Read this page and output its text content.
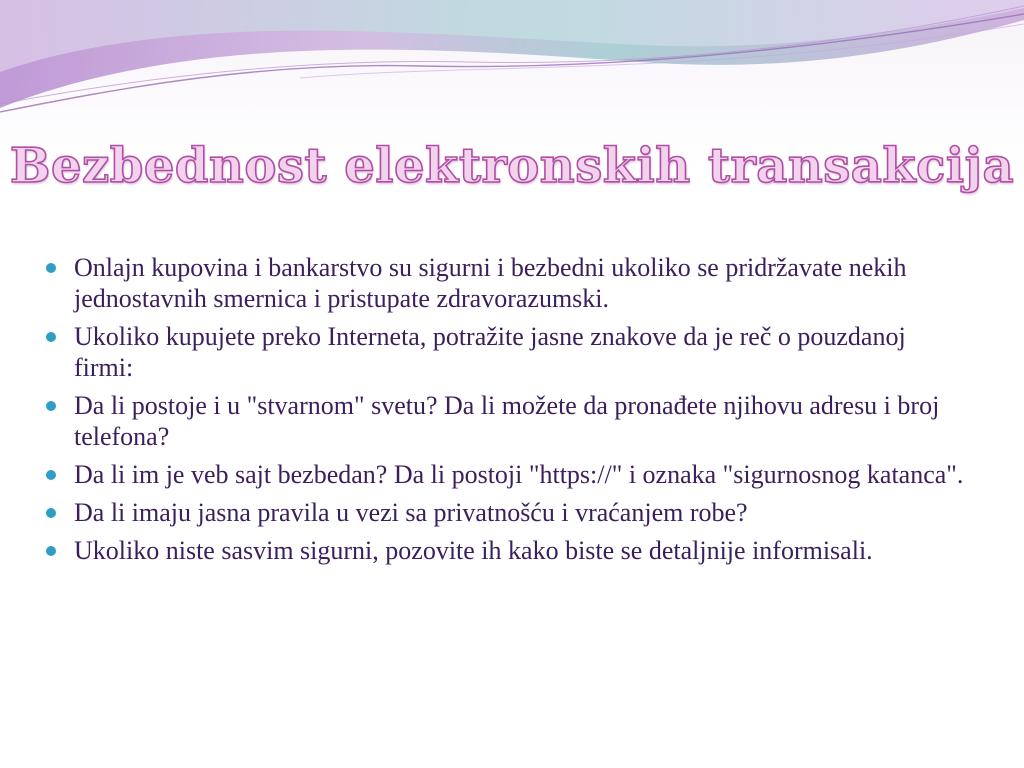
Bezbednost elektronskih transakcija
Onlajn kupovina i bankarstvo su sigurni i bezbedni ukoliko se pridržavate nekih jednostavnih smernica i pristupate zdravorazumski.
Ukoliko kupujete preko Interneta, potražite jasne znakove da je reč o pouzdanoj firmi:
Da li postoje i u "stvarnom" svetu? Da li možete da pronađete njihovu adresu i broj telefona?
Da li im je veb sajt bezbedan? Da li postoji "https://" i oznaka "sigurnosnog katanca".
Da li imaju jasna pravila u vezi sa privatnošću i vraćanjem robe?
Ukoliko niste sasvim sigurni, pozovite ih kako biste se detaljnije informisali.
